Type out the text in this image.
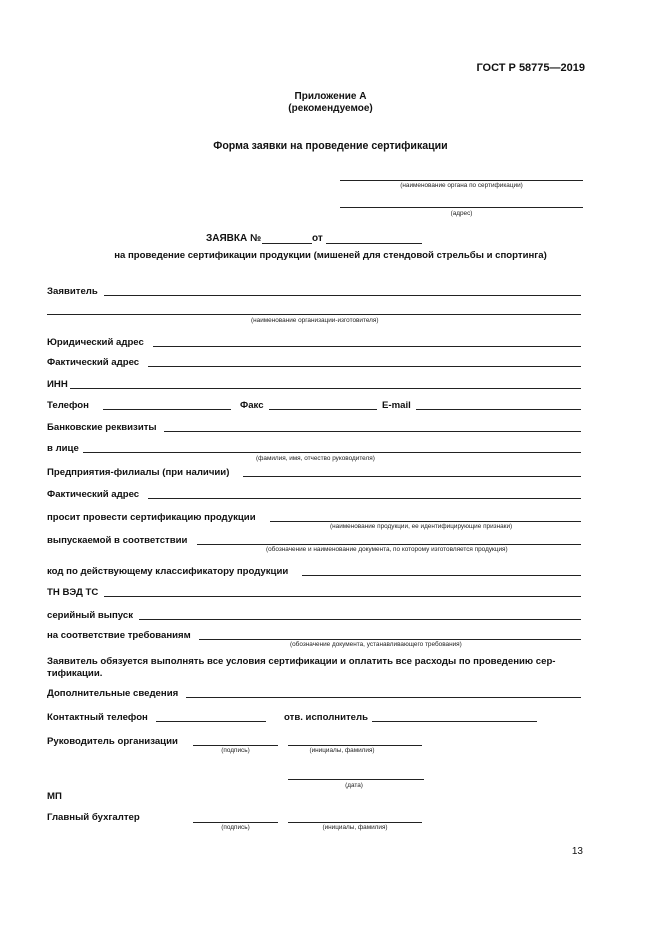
ГОСТ Р 58775—2019
Приложение А
(рекомендуемое)
Форма заявки на проведение сертификации
(наименование органа по сертификации)
(адрес)
ЗАЯВКА №	от
на проведение сертификации продукции (мишеней для стендовой стрельбы и спортинга)
Заявитель
(наименование организации-изготовителя)
Юридический адрес
Фактический адрес
ИНН
Телефон	Факс	E-mail
Банковские реквизиты
в лице
(фамилия, имя, отчество руководителя)
Предприятия-филиалы (при наличии)
Фактический адрес
просит провести сертификацию продукции
(наименование продукции, ее идентифицирующие признаки)
выпускаемой в соответствии
(обозначение и наименование документа, по которому изготовляется продукция)
код по действующему классификатору продукции
ТН ВЭД ТС
серийный выпуск
на соответствие требованиям
(обозначение документа, устанавливающего требования)
Заявитель обязуется выполнять все условия сертификации и оплатить все расходы по проведению сер-
тификации.
Дополнительные сведения
Контактный телефон	отв. исполнитель
Руководитель организации
(подпись)	(инициалы, фамилия)
(дата)
МП
Главный бухгалтер
(подпись)	(инициалы, фамилия)
13
